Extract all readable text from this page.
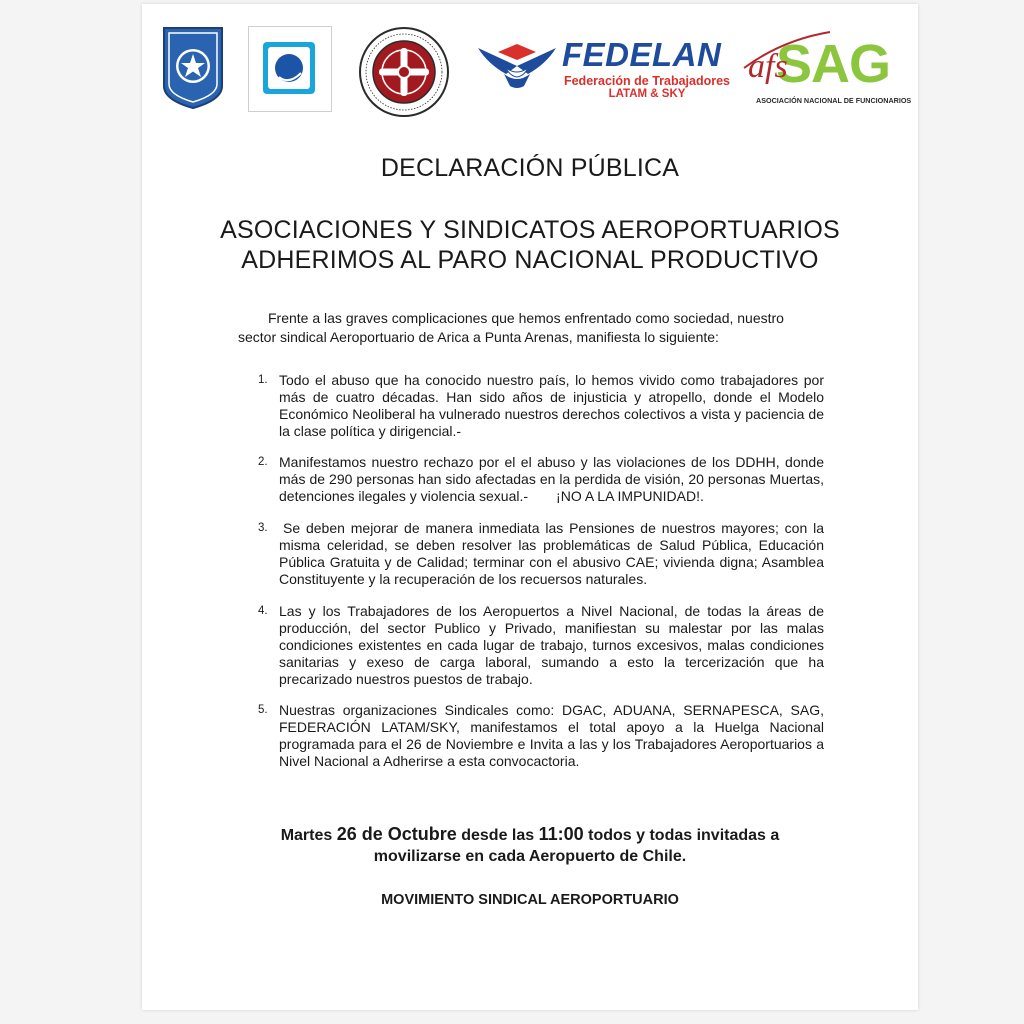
FEDELAN
Federación de Trabajadores
LATAM & SKY	SAG
afs
ASOCIACIÓN NACIONAL DE FUNCIONARIOS
DECLARACIÓN PÚBLICA
ASOCIACIONES Y SINDICATOS AEROPORTUARIOS
ADHERIMOS AL PARO NACIONAL PRODUCTIVO
Frente a las graves complicaciones que hemos enfrentado como sociedad, nuestro
sector sindical Aeroportuario de Arica a Punta Arenas, manifiesta lo siguiente:
1. Todo el abuso que ha conocido nuestro país, lo hemos vivido como trabajadores por más de cuatro décadas. Han sido años de injusticia y atropello, donde el Modelo Económico Neoliberal ha vulnerado nuestros derechos colectivos a vista y paciencia de la clase política y dirigencial.-

2. Manifestamos nuestro rechazo por el el abuso y las violaciones de los DDHH, donde más de 290 personas han sido afectadas en la perdida de visión, 20 personas Muertas, detenciones ilegales y violencia sexual.- ¡NO A LA IMPUNIDAD!.

3. Se deben mejorar de manera inmediata las Pensiones de nuestros mayores; con la misma celeridad, se deben resolver las problemáticas de Salud Pública, Educación Pública Gratuita y de Calidad; terminar con el abusivo CAE; vivienda digna; Asamblea Constituyente y la recuperación de los recuersos naturales.

4. Las y los Trabajadores de los Aeropuertos a Nivel Nacional, de todas la áreas de producción, del sector Publico y Privado, manifiestan su malestar por las malas condiciones existentes en cada lugar de trabajo, turnos excesivos, malas condiciones sanitarias y exeso de carga laboral, sumando a esto la tercerización que ha precarizado nuestros puestos de trabajo.

5. Nuestras organizaciones Sindicales como: DGAC, ADUANA, SERNAPESCA, SAG, FEDERACIÓN LATAM/SKY, manifestamos el total apoyo a la Huelga Nacional programada para el 26 de Noviembre e Invita a las y los Trabajadores Aeroportuarios a Nivel Nacional a Adherirse a esta convocactoria.

Martes 26 de Octubre desde las 11:00 todos y todas invitadas a

movilizarse en cada Aeropuerto de Chile.

MOVIMIENTO SINDICAL AEROPORTUARIO
